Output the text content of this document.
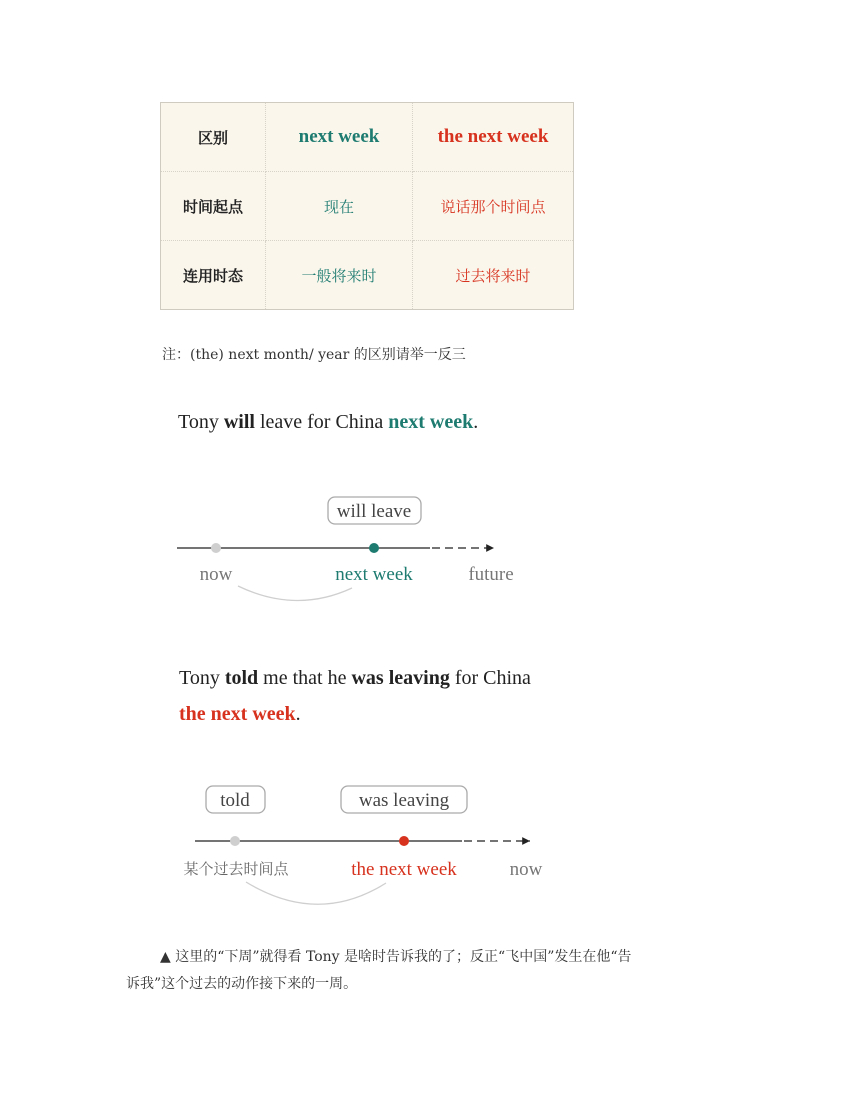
区别	next week	the next week
时间起点	现在	说话那个时间点
连用时态	一般将来时	过去将来时
注：(the) next month/ year 的区别请举一反三
Tony will leave for China next week.
will leave
now	next week	future
told	was leaving
某个过去时间点	the next week	now
Tony told me that he was leaving for China
the next week.
▲ 这里的“下周”就得看 Tony 是啥时告诉我的了；反正“飞中国”发生在他“告
诉我”这个过去的动作接下来的一周。
